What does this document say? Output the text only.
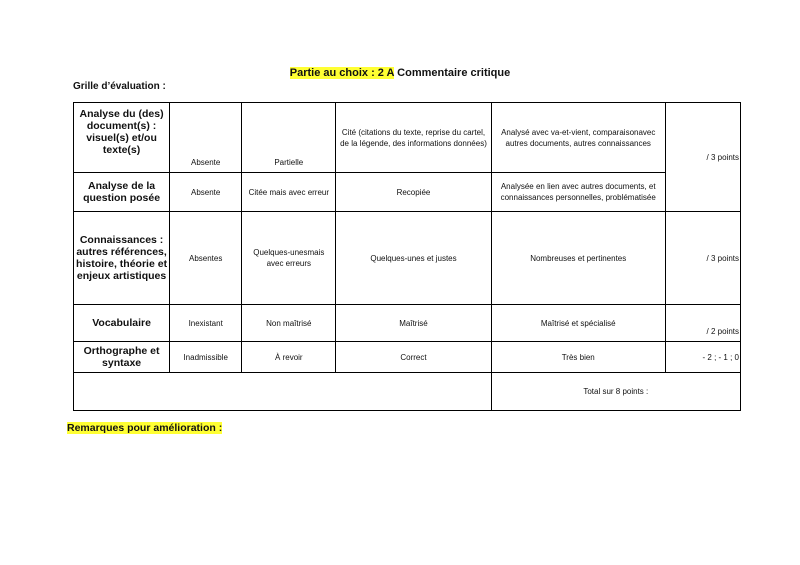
Partie au choix : 2 A Commentaire critique
Grille d’évaluation :
Analyse du (des) document(s) : visuel(s) et/ou texte(s)	Absente	Partielle	Cité (citations du texte, reprise du cartel, de la légende, des informations données)	Analysé avec va-et-vient, comparaisonavec autres documents, autres connaissances	/ 3 points
Analyse de la question posée	Absente	Citée mais avec erreur	Recopiée	Analysée en lien avec autres documents, et connaissances personnelles, problématisée	
Connaissances : autres références, histoire, théorie et enjeux artistiques	Absentes	Quelques-unesmais avec erreurs	Quelques-unes et justes	Nombreuses et pertinentes	/ 3 points
Vocabulaire	Inexistant	Non maîtrisé	Maîtrisé	Maîtrisé et spécialisé	/ 2 points
Orthographe et syntaxe	Inadmissible	À revoir	Correct	Très bien	- 2 ; - 1 ; 0
				Total sur 8 points :	
Remarques pour amélioration :
